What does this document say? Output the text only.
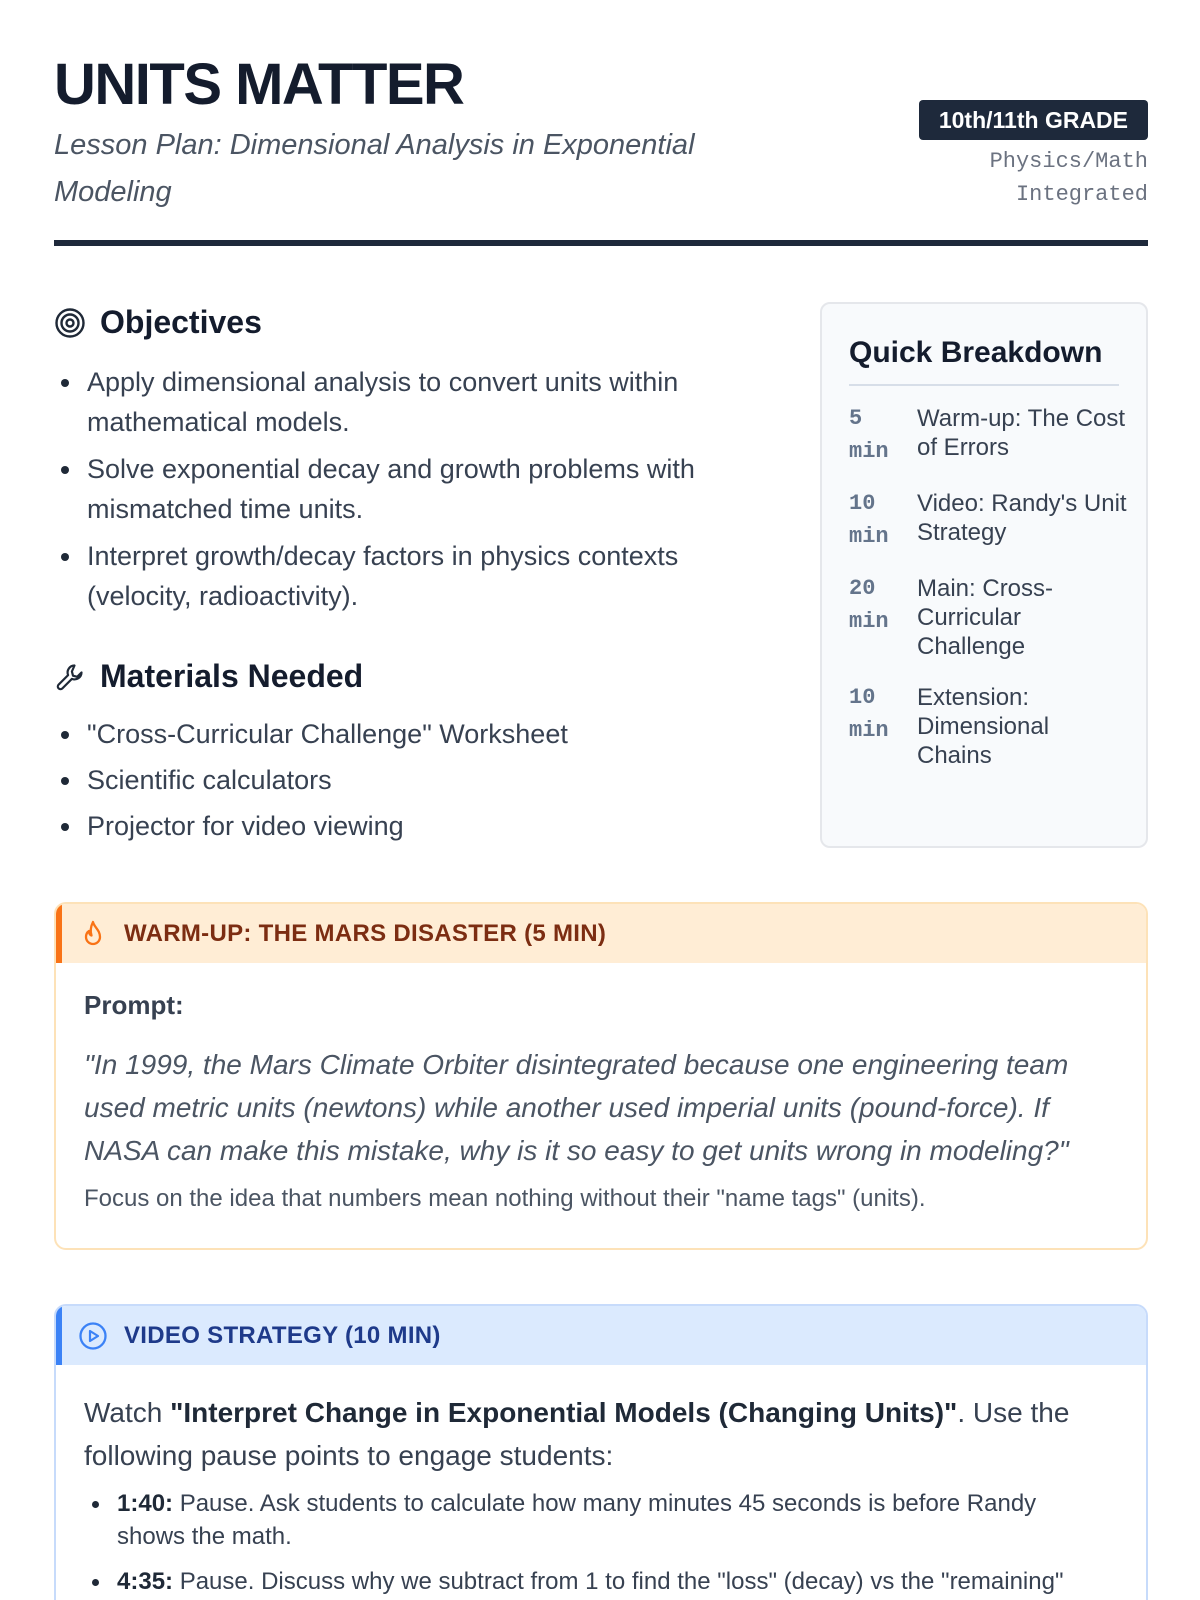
UNITS MATTER
Lesson Plan: Dimensional Analysis in Exponential Modeling
10th/11th GRADE
Physics/Math Integrated
Objectives
Apply dimensional analysis to convert units within mathematical models.
Solve exponential decay and growth problems with mismatched time units.
Interpret growth/decay factors in physics contexts (velocity, radioactivity).
Materials Needed
"Cross-Curricular Challenge" Worksheet
Scientific calculators
Projector for video viewing
Quick Breakdown
5 min
Warm-up: The Cost of Errors
10 min
Video: Randy's Unit Strategy
20 min
Main: Cross-Curricular Challenge
10 min
Extension: Dimensional Chains
WARM-UP: THE MARS DISASTER (5 MIN)
Prompt:
"In 1999, the Mars Climate Orbiter disintegrated because one engineering team used metric units (newtons) while another used imperial units (pound-force). If NASA can make this mistake, why is it so easy to get units wrong in modeling?"
Focus on the idea that numbers mean nothing without their "name tags" (units).
VIDEO STRATEGY (10 MIN)
Watch "Interpret Change in Exponential Models (Changing Units)". Use the following pause points to engage students:
1:40: Pause. Ask students to calculate how many minutes 45 seconds is before Randy shows the math.
4:35: Pause. Discuss why we subtract from 1 to find the "loss" (decay) vs the "remaining"
